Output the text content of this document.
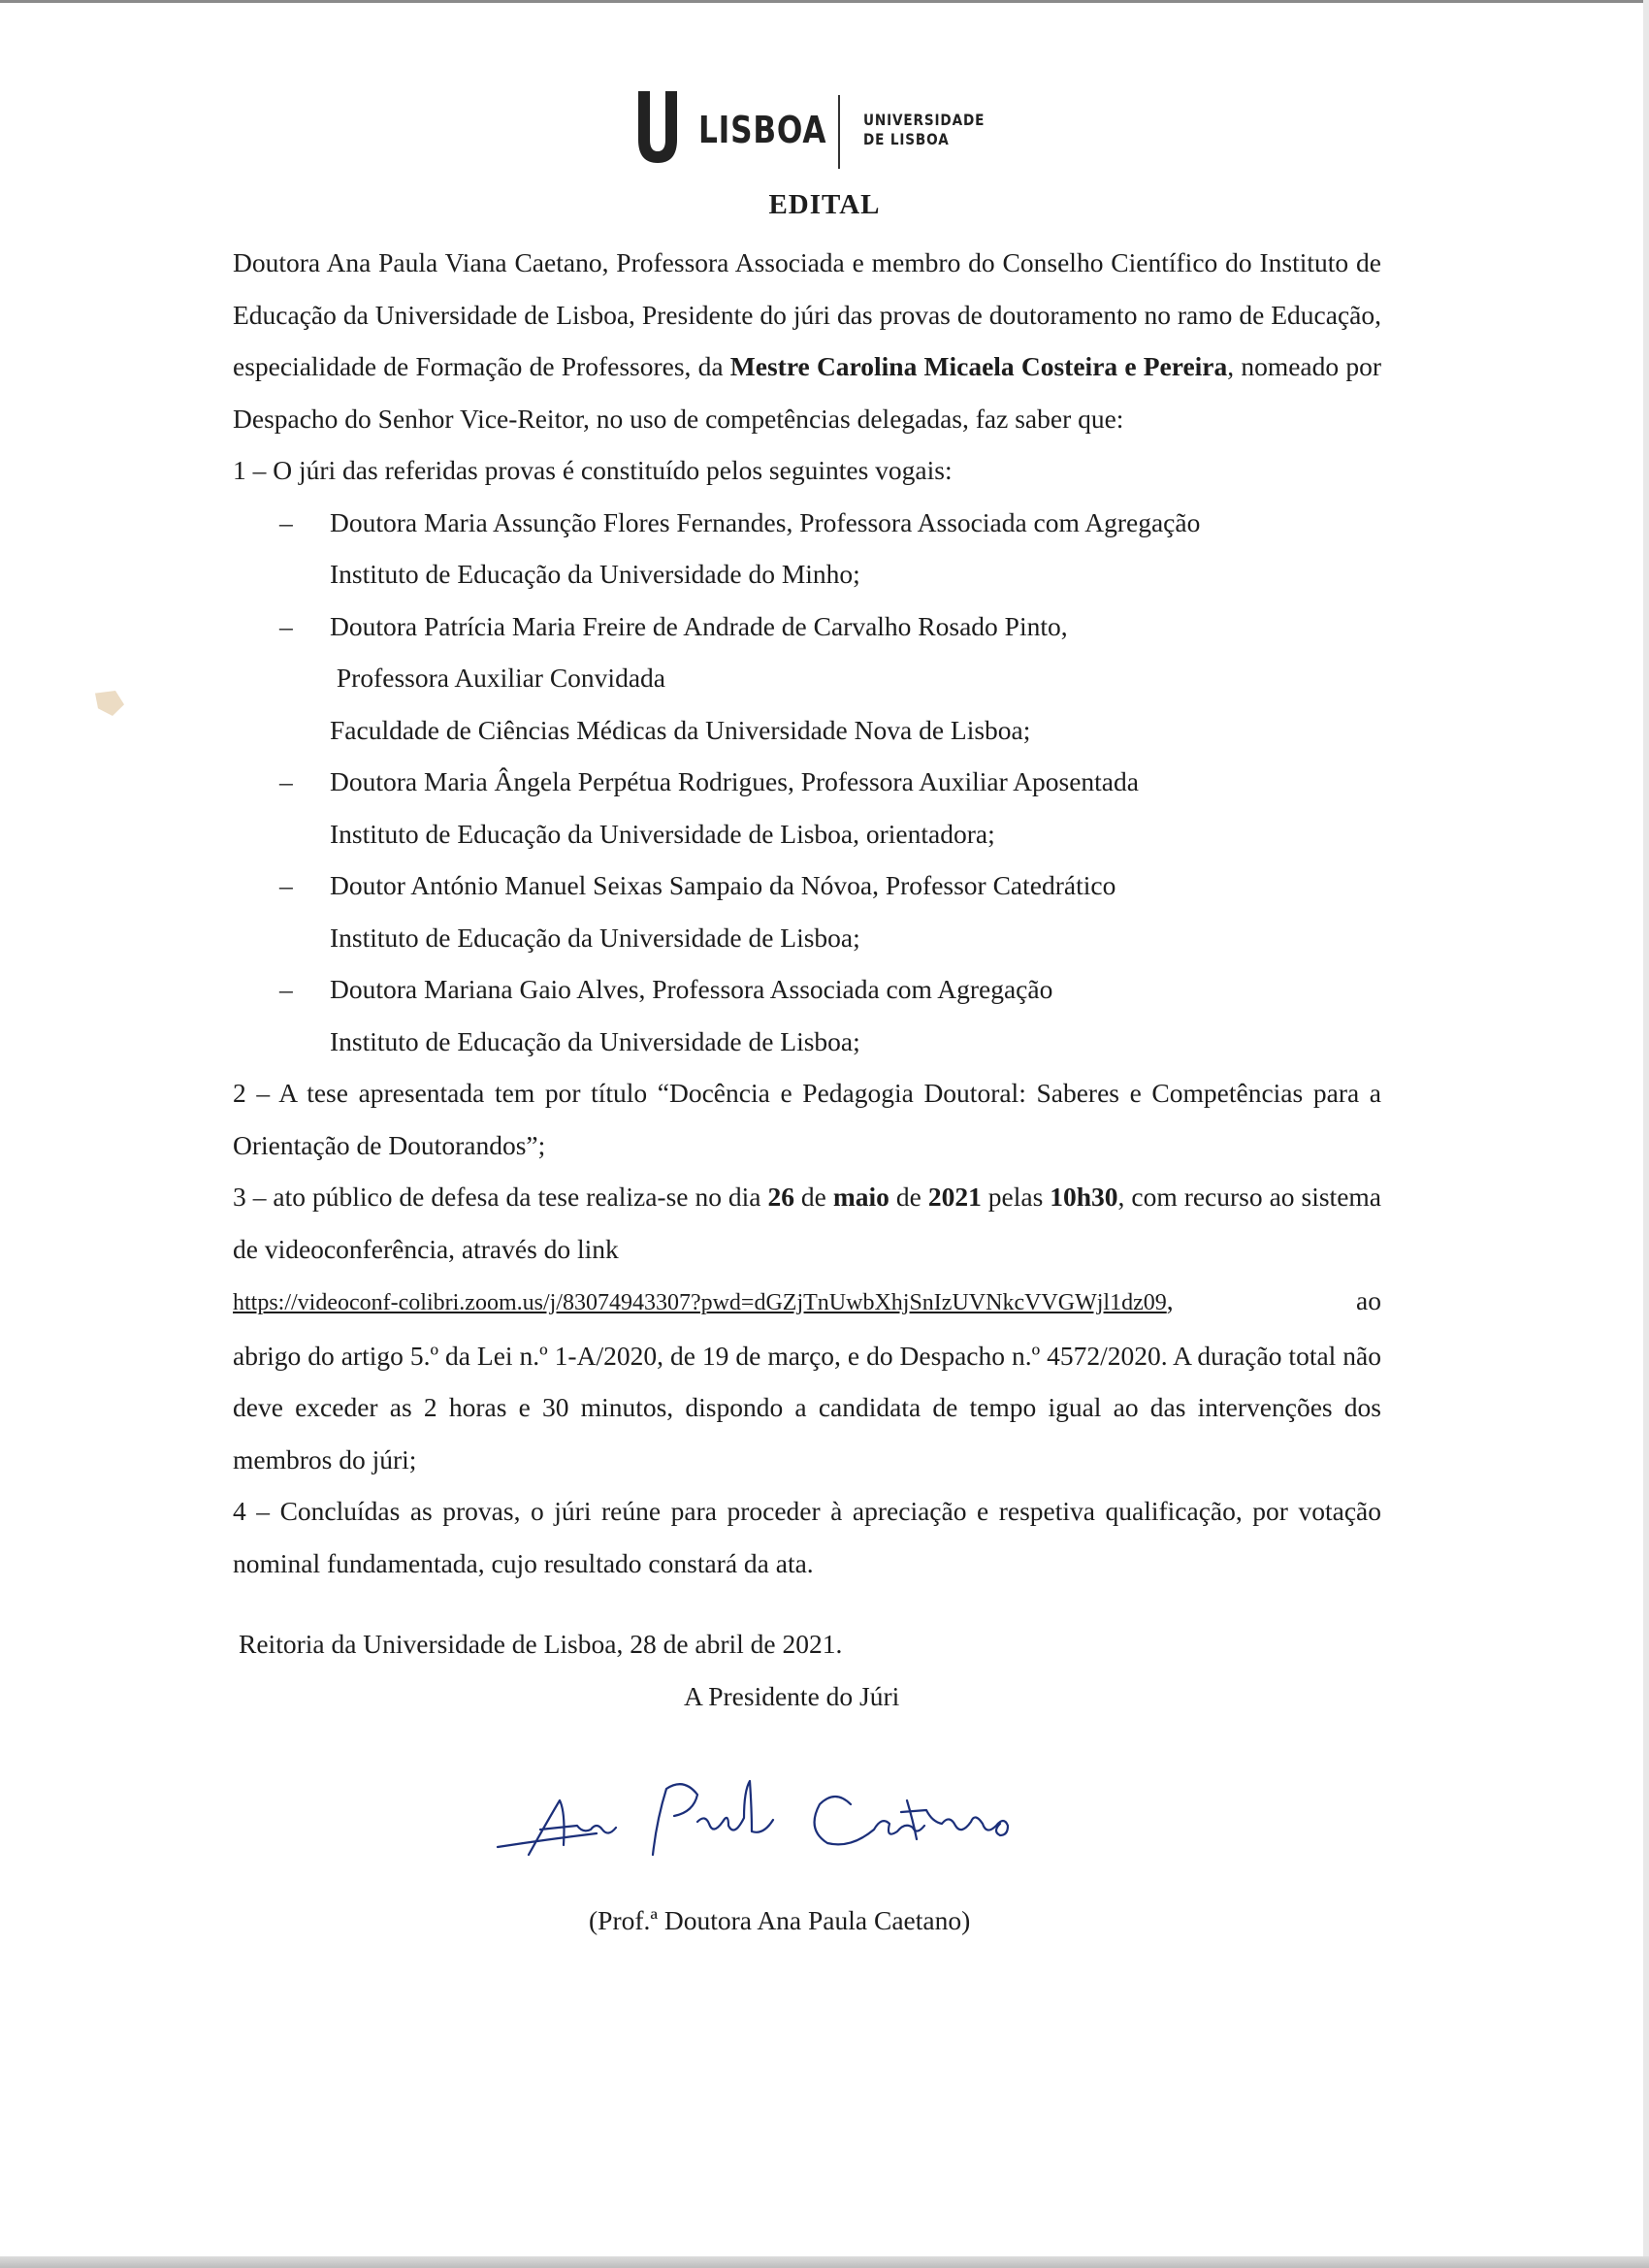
LISBOA UNIVERSIDADE
DE LISBOA
EDITAL

Doutora Ana Paula Viana Caetano, Professora Associada e membro do Conselho Científico do Instituto de Educação da Universidade de Lisboa, Presidente do júri das provas de doutoramento no ramo de Educação, especialidade de Formação de Professores, da Mestre Carolina Micaela Costeira e Pereira, nomeado por Despacho do Senhor Vice-Reitor, no uso de competências delegadas, faz saber que:

1 – O júri das referidas provas é constituído pelos seguintes vogais:
– Doutora Maria Assunção Flores Fernandes, Professora Associada com Agregação
Instituto de Educação da Universidade do Minho;
– Doutora Patrícia Maria Freire de Andrade de Carvalho Rosado Pinto,
Professora Auxiliar Convidada
Faculdade de Ciências Médicas da Universidade Nova de Lisboa;
– Doutora Maria Ângela Perpétua Rodrigues, Professora Auxiliar Aposentada
Instituto de Educação da Universidade de Lisboa, orientadora;
– Doutor António Manuel Seixas Sampaio da Nóvoa, Professor Catedrático
Instituto de Educação da Universidade de Lisboa;
– Doutora Mariana Gaio Alves, Professora Associada com Agregação
Instituto de Educação da Universidade de Lisboa;

2 – A tese apresentada tem por título “Docência e Pedagogia Doutoral: Saberes e Competências para a Orientação de Doutorandos”;

3 – ato público de defesa da tese realiza-se no dia 26 de maio de 2021 pelas 10h30, com recurso ao sistema de videoconferência, através do link

https://videoconf-colibri.zoom.us/j/83074943307?pwd=dGZjTnUwbXhjSnIzUVNkcVVGWjl1dz09,	ao

abrigo do artigo 5.º da Lei n.º 1-A/2020, de 19 de março, e do Despacho n.º 4572/2020. A duração total não deve exceder as 2 horas e 30 minutos, dispondo a candidata de tempo igual ao das intervenções dos membros do júri;

4 – Concluídas as provas, o júri reúne para proceder à apreciação e respetiva qualificação, por votação nominal fundamentada, cujo resultado constará da ata.

Reitoria da Universidade de Lisboa, 28 de abril de 2021.
A Presidente do Júri
(Prof.ª Doutora Ana Paula Caetano)
